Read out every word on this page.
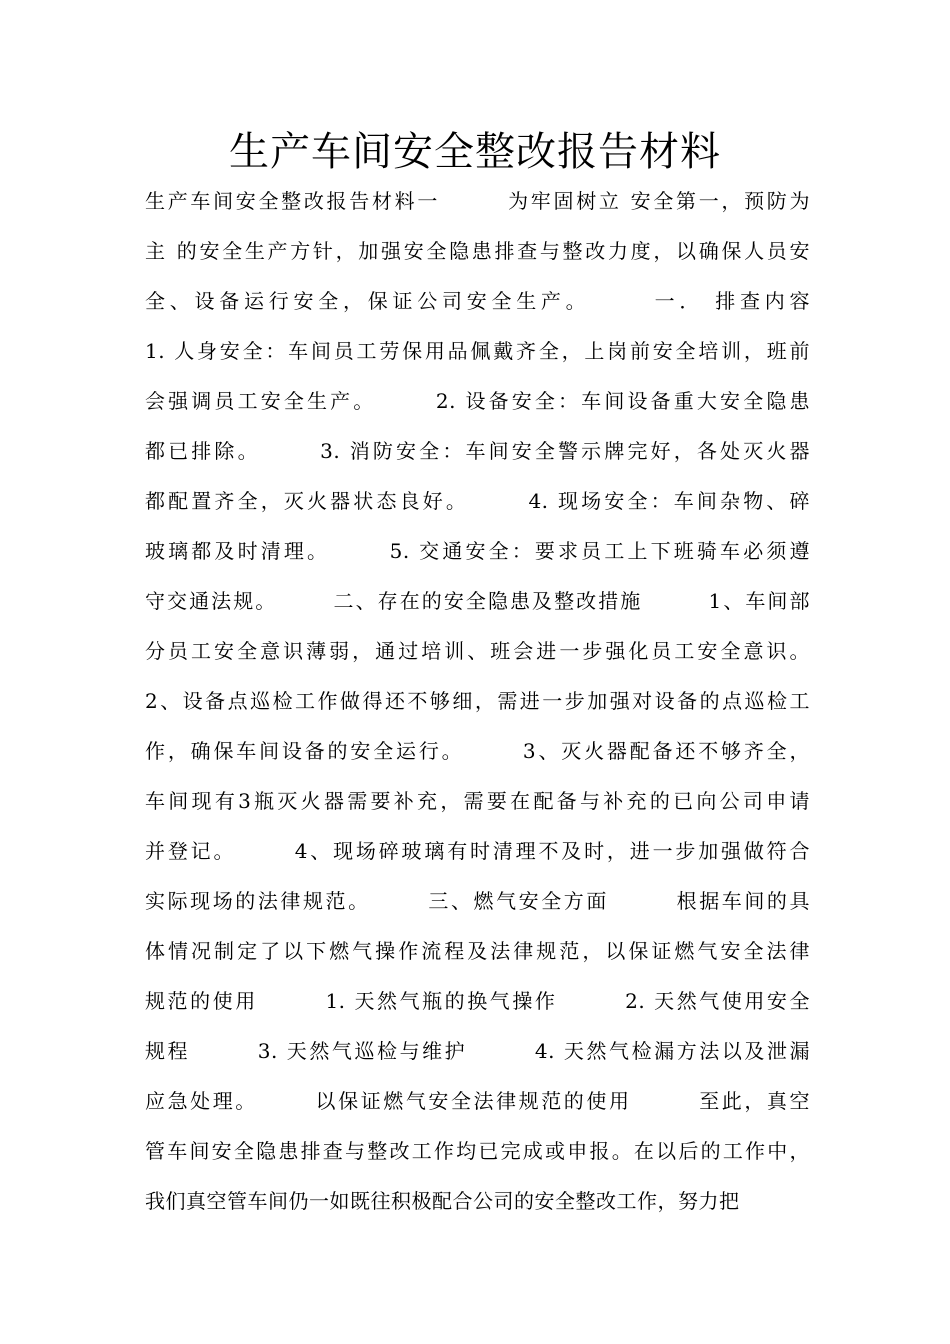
生产车间安全整改报告材料
生产车间安全整改报告材料一　　　为牢固树立 安全第一，预防为
主 的安全生产方针，加强安全隐患排查与整改力度，以确保人员安
全、设备运行安全，保证公司安全生产。　　　一． 排查内容
1. 人身安全：车间员工劳保用品佩戴齐全，上岗前安全培训，班前
会强调员工安全生产。　　　2. 设备安全：车间设备重大安全隐患
都已排除。　　　3. 消防安全：车间安全警示牌完好，各处灭火器
都配置齐全，灭火器状态良好。　　　4. 现场安全：车间杂物、碎
玻璃都及时清理。　　　5. 交通安全：要求员工上下班骑车必须遵
守交通法规。　　　二、存在的安全隐患及整改措施　　　1、车间部
分员工安全意识薄弱，通过培训、班会进一步强化员工安全意识。
2、设备点巡检工作做得还不够细，需进一步加强对设备的点巡检工
作，确保车间设备的安全运行。　　　3、灭火器配备还不够齐全，
车间现有3瓶灭火器需要补充，需要在配备与补充的已向公司申请
并登记。　　　4、现场碎玻璃有时清理不及时，进一步加强做符合
实际现场的法律规范。　　　三、燃气安全方面　　　根据车间的具
体情况制定了以下燃气操作流程及法律规范，以保证燃气安全法律
规范的使用　　　1. 天然气瓶的换气操作　　　2. 天然气使用安全
规程　　　3. 天然气巡检与维护　　　4. 天然气检漏方法以及泄漏
应急处理。　　　以保证燃气安全法律规范的使用　　　至此，真空
管车间安全隐患排查与整改工作均已完成或申报。在以后的工作中，
我们真空管车间仍一如既往积极配合公司的安全整改工作，努力把
